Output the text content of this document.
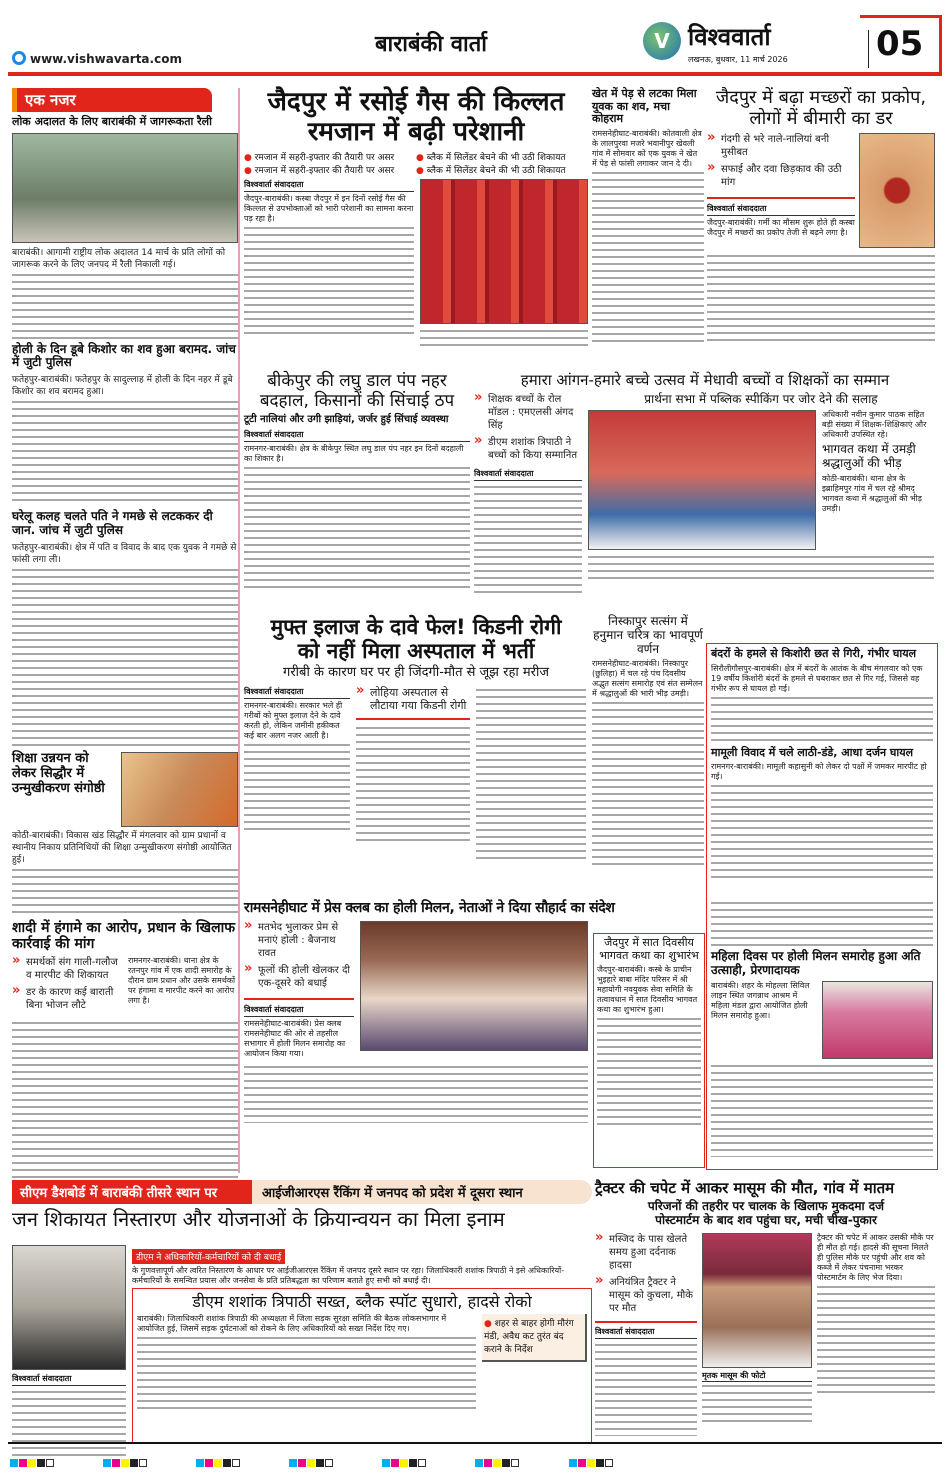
www.vishwavarta.com
बाराबंकी वार्ता	V विश्ववार्ता
लखनऊ, बुधवार, 11 मार्च 2026	05
एक नजर
लोक अदालत के लिए बाराबंकी में जागरूकता रैली
बाराबंकी। आगामी राष्ट्रीय लोक अदालत 14 मार्च के प्रति लोगों को जागरूक करने के लिए जनपद में रैली निकाली गई।
होली के दिन डूबे किशोर का शव हुआ बरामद. जांच में जुटी पुलिस
फतेहपुर-बाराबंकी। फतेहपुर के सादुल्लाह में होली के दिन नहर में डूबे किशोर का शव बरामद हुआ।
घरेलू कलह चलते पति ने गमछे से लटककर दी जान. जांच में जुटी पुलिस
फतेहपुर-बाराबंकी। क्षेत्र में पति व विवाद के बाद एक युवक ने गमछे से फांसी लगा ली।
शिक्षा उन्नयन को लेकर सिद्धौर में उन्मुखीकरण संगोष्ठी
कोठी-बाराबंकी। विकास खंड सिद्धौर में मंगलवार को ग्राम प्रधानों व स्थानीय निकाय प्रतिनिधियों की शिक्षा उन्मुखीकरण संगोष्ठी आयोजित हुई।
शादी में हंगामे का आरोप, प्रधान के खिलाफ कार्रवाई की मांग
» समर्थकों संग गाली-गलौज व मारपीट की शिकायत
» डर के कारण कई बाराती बिना भोजन लौटे
रामनगर-बाराबंकी। थाना क्षेत्र के रतनपुर गांव में एक शादी समारोह के दौरान ग्राम प्रधान और उसके समर्थकों पर हंगामा व मारपीट करने का आरोप लगा है।
जैदपुर में रसोई गैस की किल्लत
रमजान में बढ़ी परेशानी
● रमजान में सहरी-इफ्तार की तैयारी पर असर	● ब्लैक में सिलेंडर बेचने की भी उठी शिकायत
● रमजान में सहरी-इफ्तार की तैयारी पर असर	● ब्लैक में सिलेंडर बेचने की भी उठी शिकायत
विश्ववार्ता संवाददाता
जैदपुर-बाराबंकी। कस्बा जैदपुर में इन दिनों रसोई गैस की किल्लत से उपभोक्ताओं को भारी परेशानी का सामना करना पड़ रहा है।
खेत में पेड़ से लटका मिला युवक का शव, मचा कोहराम
रामसनेहीघाट-बाराबंकी। कोतवाली क्षेत्र के लालपुरवा मजरे भवानीपुर खेवली गांव में सोमवार को एक युवक ने खेत में पेड़ से फांसी लगाकर जान दे दी।
जैदपुर में बढ़ा मच्छरों का प्रकोप, लोगों में बीमारी का डर
» गंदगी से भरे नाले-नालियां बनी मुसीबत
» सफाई और दवा छिड़काव की उठी मांग
विश्ववार्ता संवाददाता
जैदपुर-बाराबंकी। गर्मी का मौसम शुरू होते ही कस्बा जैदपुर में मच्छरों का प्रकोप तेजी से बढ़ने लगा है।
बीकेपुर की लघु डाल पंप नहर बदहाल, किसानों की सिंचाई ठप
टूटी नालियां और उगी झाड़ियां, जर्जर हुई सिंचाई व्यवस्था
विश्ववार्ता संवाददाता
रामनगर-बाराबंकी। क्षेत्र के बीकेपुर स्थित लघु डाल पंप नहर इन दिनों बदहाली का शिकार है।
हमारा आंगन-हमारे बच्चे उत्सव में मेधावी बच्चों व शिक्षकों का सम्मान
» शिक्षक बच्चों के रोल मॉडल : एमएलसी अंगद सिंह
» डीएम शशांक त्रिपाठी ने बच्चों को किया सम्मानित
विश्ववार्ता संवाददाता
प्रार्थना सभा में पब्लिक स्पीकिंग पर जोर देने की सलाह
अधिकारी नवीन कुमार पाठक सहित बड़ी संख्या में शिक्षक-शिक्षिकाएं और अधिकारी उपस्थित रहे।
भागवत कथा में उमड़ी श्रद्धालुओं की भीड़
कोठी-बाराबंकी। थाना क्षेत्र के इब्राहिमपुर गांव में चल रहे श्रीमद् भागवत कथा में श्रद्धालुओं की भीड़ उमड़ी।
मुफ्त इलाज के दावे फेल! किडनी रोगी
को नहीं मिला अस्पताल में भर्ती
गरीबी के कारण घर पर ही जिंदगी-मौत से जूझ रहा मरीज
विश्ववार्ता संवाददाता
रामनगर-बाराबंकी। सरकार भले ही गरीबों को मुफ्त इलाज देने के दावे करती हो, लेकिन जमीनी हकीकत कई बार अलग नजर आती है।
» लोहिया अस्पताल से लौटाया गया किडनी रोगी
निस्कापुर सत्संग में हनुमान चरित्र का भावपूर्ण वर्णन
रामसनेहीघाट-बाराबंकी। निस्कापुर (छुलिहा) में चल रहे पंच दिवसीय अद्भुत सत्संग समारोह एवं संत सम्मेलन में श्रद्धालुओं की भारी भीड़ उमड़ी।
बंदरों के हमले से किशोरी छत से गिरी, गंभीर घायल
सिरौलीगौसपुर-बाराबंकी। क्षेत्र में बंदरों के आतंक के बीच मंगलवार को एक 19 वर्षीय किशोरी बंदरों के हमले से घबराकर छत से गिर गई, जिससे वह गंभीर रूप से घायल हो गई।
मामूली विवाद में चले लाठी-डंडे, आधा दर्जन घायल
रामनगर-बाराबंकी। मामूली कहासुनी को लेकर दो पक्षों में जमकर मारपीट हो गई।
रामसनेहीघाट में प्रेस क्लब का होली मिलन, नेताओं ने दिया सौहार्द का संदेश
» मतभेद भुलाकर प्रेम से मनाएं होली : बैजनाथ रावत
» फूलों की होली खेलकर दी एक-दूसरे को बधाई
विश्ववार्ता संवाददाता
रामसनेहीघाट-बाराबंकी। प्रेस क्लब रामसनेहीघाट की ओर से तहसील सभागार में होली मिलन समारोह का आयोजन किया गया।
जैदपुर में सात दिवसीय भागवत कथा का शुभारंभ
जैदपुर-बाराबंकी। कस्बे के प्राचीन भुइहारे बाबा मंदिर परिसर में श्री महायोगी नवयुवक सेवा समिति के तत्वावधान में सात दिवसीय भागवत कथा का शुभारंभ हुआ।
महिला दिवस पर होली मिलन समारोह हुआ अति उत्साही, प्रेरणादायक
बाराबंकी। शहर के मोहल्ला सिविल लाइन स्थित जगन्नाथ आश्रम में महिला मंडल द्वारा आयोजित होली मिलन समारोह हुआ।
सीएम डैशबोर्ड में बाराबंकी तीसरे स्थान पर	आईजीआरएस रैंकिंग में जनपद को प्रदेश में दूसरा स्थान
जन शिकायत निस्तारण और योजनाओं के क्रियान्वयन का मिला इनाम
विश्ववार्ता संवाददाता
डीएम ने अधिकारियों-कर्मचारियों को दी बधाई
के गुणवत्तापूर्ण और त्वरित निस्तारण के आधार पर आईजीआरएस रैंकिंग में जनपद दूसरे स्थान पर रहा। जिलाधिकारी शशांक त्रिपाठी ने इसे अधिकारियों-कर्मचारियों के समन्वित प्रयास और जनसेवा के प्रति प्रतिबद्धता का परिणाम बताते हुए सभी को बधाई दी।
डीएम शशांक त्रिपाठी सख्त, ब्लैक स्पॉट सुधारो, हादसे रोको
बाराबंकी। जिलाधिकारी शशांक त्रिपाठी की अध्यक्षता में जिला सड़क सुरक्षा समिति की बैठक लोकसभागार में आयोजित हुई, जिसमें सड़क दुर्घटनाओं को रोकने के लिए अधिकारियों को सख्त निर्देश दिए गए।	● शहर से बाहर होगी मौरंग मंडी, अवैध कट तुरंत बंद कराने के निर्देश
ट्रैक्टर की चपेट में आकर मासूम की मौत, गांव में मातम
परिजनों की तहरीर पर चालक के खिलाफ मुकदमा दर्ज
पोस्टमार्टम के बाद शव पहुंचा घर, मची चीख-पुकार
» मस्जिद के पास खेलते समय हुआ दर्दनाक हादसा
» अनियंत्रित ट्रैक्टर ने मासूम को कुचला, मौके पर मौत
विश्ववार्ता संवाददाता
मृतक मासूम की फोटो
ट्रैक्टर की चपेट में आकर उसकी मौके पर ही मौत हो गई। हादसे की सूचना मिलते ही पुलिस मौके पर पहुंची और शव को कब्जे में लेकर पंचनामा भरकर पोस्टमार्टम के लिए भेज दिया।
